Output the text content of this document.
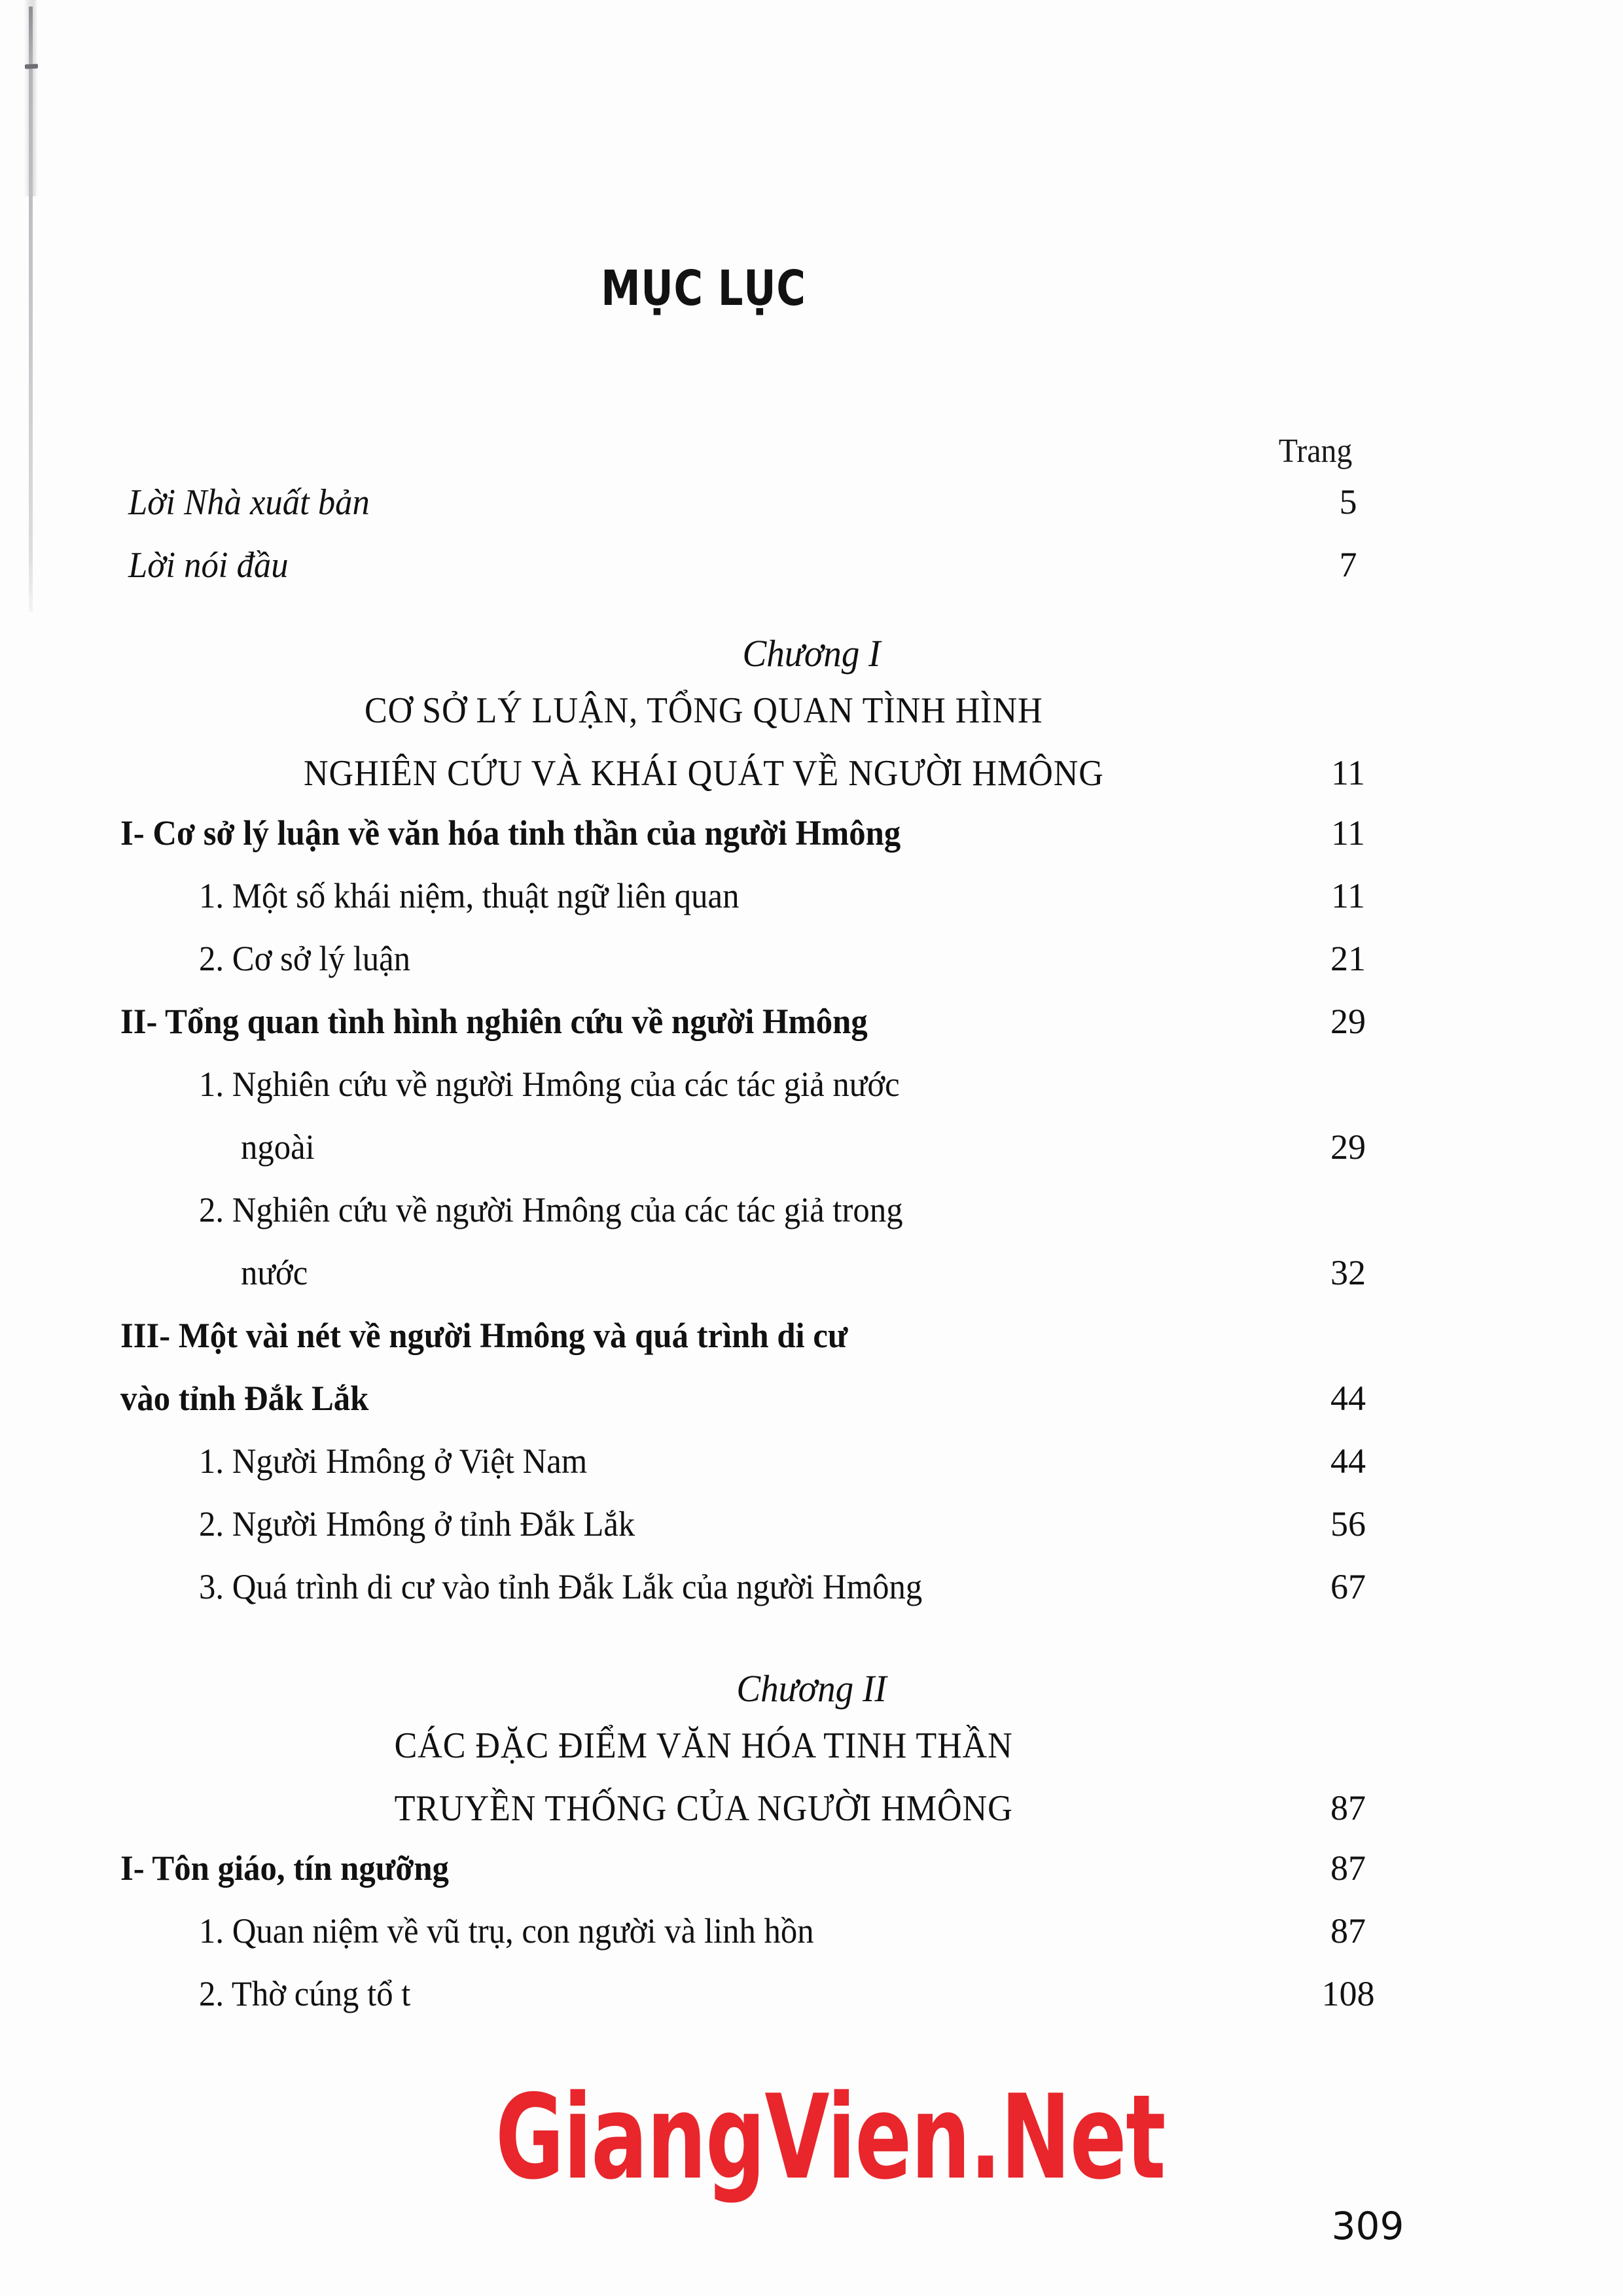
MỤC LỤC
Trang
Lời Nhà xuất bản	5
Lời nói đầu	7
Chương I
CƠ SỞ LÝ LUẬN, TỔNG QUAN TÌNH HÌNH
NGHIÊN CỨU VÀ KHÁI QUÁT VỀ NGƯỜI HMÔNG	11
I- Cơ sở lý luận về văn hóa tinh thần của người Hmông	11
1. Một số khái niệm, thuật ngữ liên quan	11
2. Cơ sở lý luận	21
II- Tổng quan tình hình nghiên cứu về người Hmông	29
1. Nghiên cứu về người Hmông của các tác giả nước
ngoài	29
2. Nghiên cứu về người Hmông của các tác giả trong
nước	32
III- Một vài nét về người Hmông và quá trình di cư
vào tỉnh Đắk Lắk	44
1. Người Hmông ở Việt Nam	44
2. Người Hmông ở tỉnh Đắk Lắk	56
3. Quá trình di cư vào tỉnh Đắk Lắk của người Hmông	67
Chương II
CÁC ĐẶC ĐIỂM VĂN HÓA TINH THẦN
TRUYỀN THỐNG CỦA NGƯỜI HMÔNG	87
I- Tôn giáo, tín ngưỡng	87
1. Quan niệm về vũ trụ, con người và linh hồn	87
2. Thờ cúng tổ t	108
GiangVien.Net
309
